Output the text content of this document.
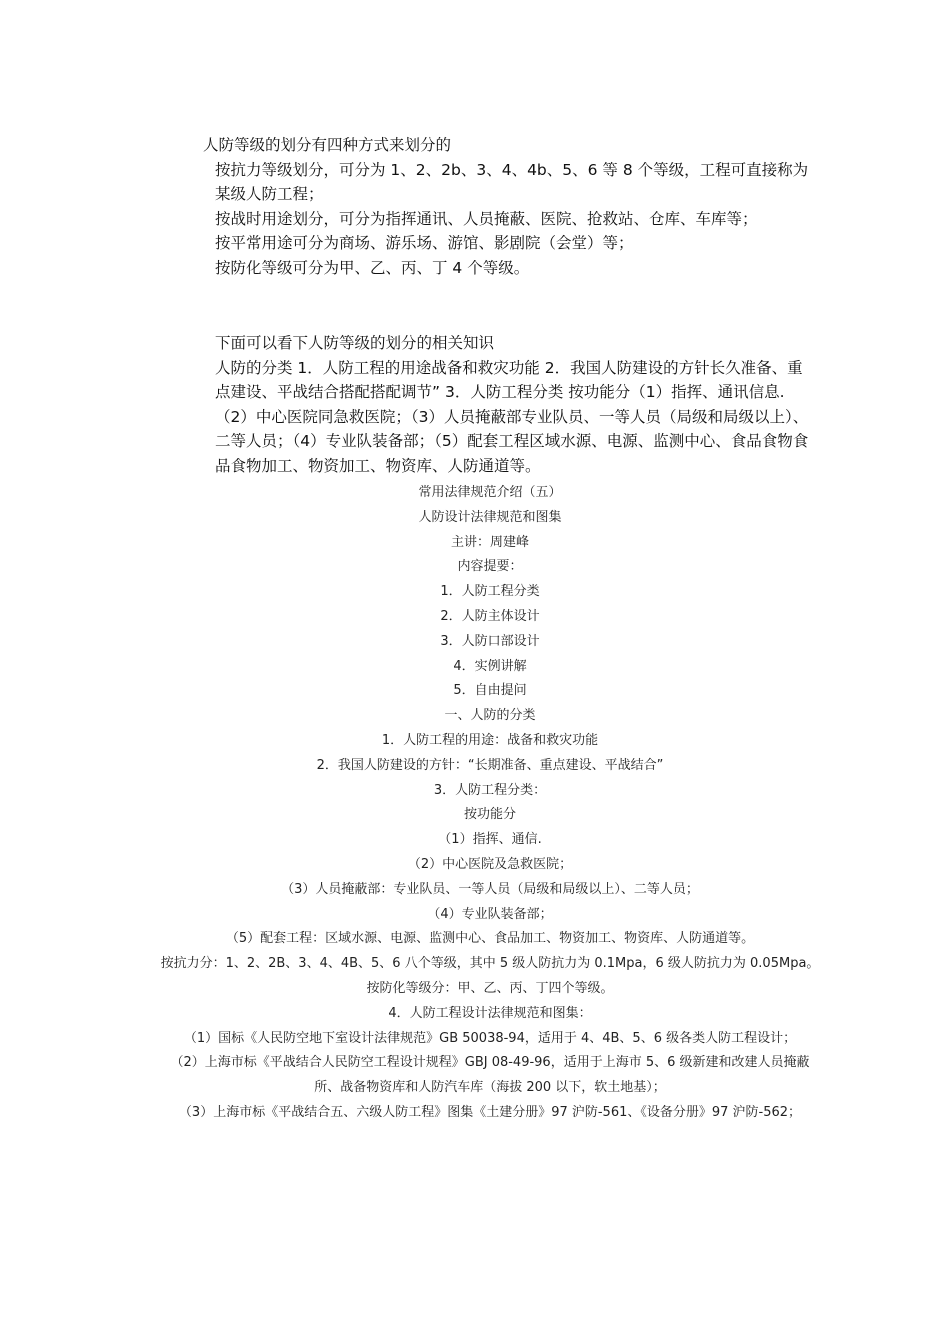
人防等级的划分有四种方式来划分的

按抗力等级划分，可分为 1、2、2b、3、4、4b、5、6 等 8 个等级，工程可直接称为某级人防工程；

按战时用途划分，可分为指挥通讯、人员掩蔽、医院、抢救站、仓库、车库等；

按平常用途可分为商场、游乐场、游馆、影剧院（会堂）等；

按防化等级可分为甲、乙、丙、丁 4 个等级。

下面可以看下人防等级的划分的相关知识

人防的分类 1．人防工程的用途战备和救灾功能 2．我国人防建设的方针长久准备、重点建设、平战结合搭配搭配调节” 3．人防工程分类 按功能分（1）指挥、通讯信息.（2）中心医院同急救医院；（3）人员掩蔽部专业队员、一等人员（局级和局级以上）、二等人员；（4）专业队装备部；（5）配套工程区域水源、电源、监测中心、食品食物食品食物加工、物资加工、物资库、人防通道等。

常用法律规范介绍（五）

人防设计法律规范和图集

主讲：周建峰

内容提要：

1．人防工程分类

2．人防主体设计

3．人防口部设计

4．实例讲解

5．自由提问

一、人防的分类

1．人防工程的用途：战备和救灾功能

2．我国人防建设的方针：“长期准备、重点建设、平战结合”

3．人防工程分类：

按功能分

（1）指挥、通信.

（2）中心医院及急救医院；

（3）人员掩蔽部：专业队员、一等人员（局级和局级以上）、二等人员；

（4）专业队装备部；

（5）配套工程：区域水源、电源、监测中心、食品加工、物资加工、物资库、人防通道等。

按抗力分：1、2、2B、3、4、4B、5、6 八个等级，其中 5 级人防抗力为 0.1Mpa，6 级人防抗力为 0.05Mpa。

按防化等级分：甲、乙、丙、丁四个等级。

4．人防工程设计法律规范和图集：

（1）国标《人民防空地下室设计法律规范》GB 50038-94，适用于 4、4B、5、6 级各类人防工程设计；

（2）上海市标《平战结合人民防空工程设计规程》GBJ 08-49-96，适用于上海市 5、6 级新建和改建人员掩蔽所、战备物资库和人防汽车库（海拔 200 以下，软土地基）；

（3）上海市标《平战结合五、六级人防工程》图集《土建分册》97 沪防-561、《设备分册》97 沪防-562；
